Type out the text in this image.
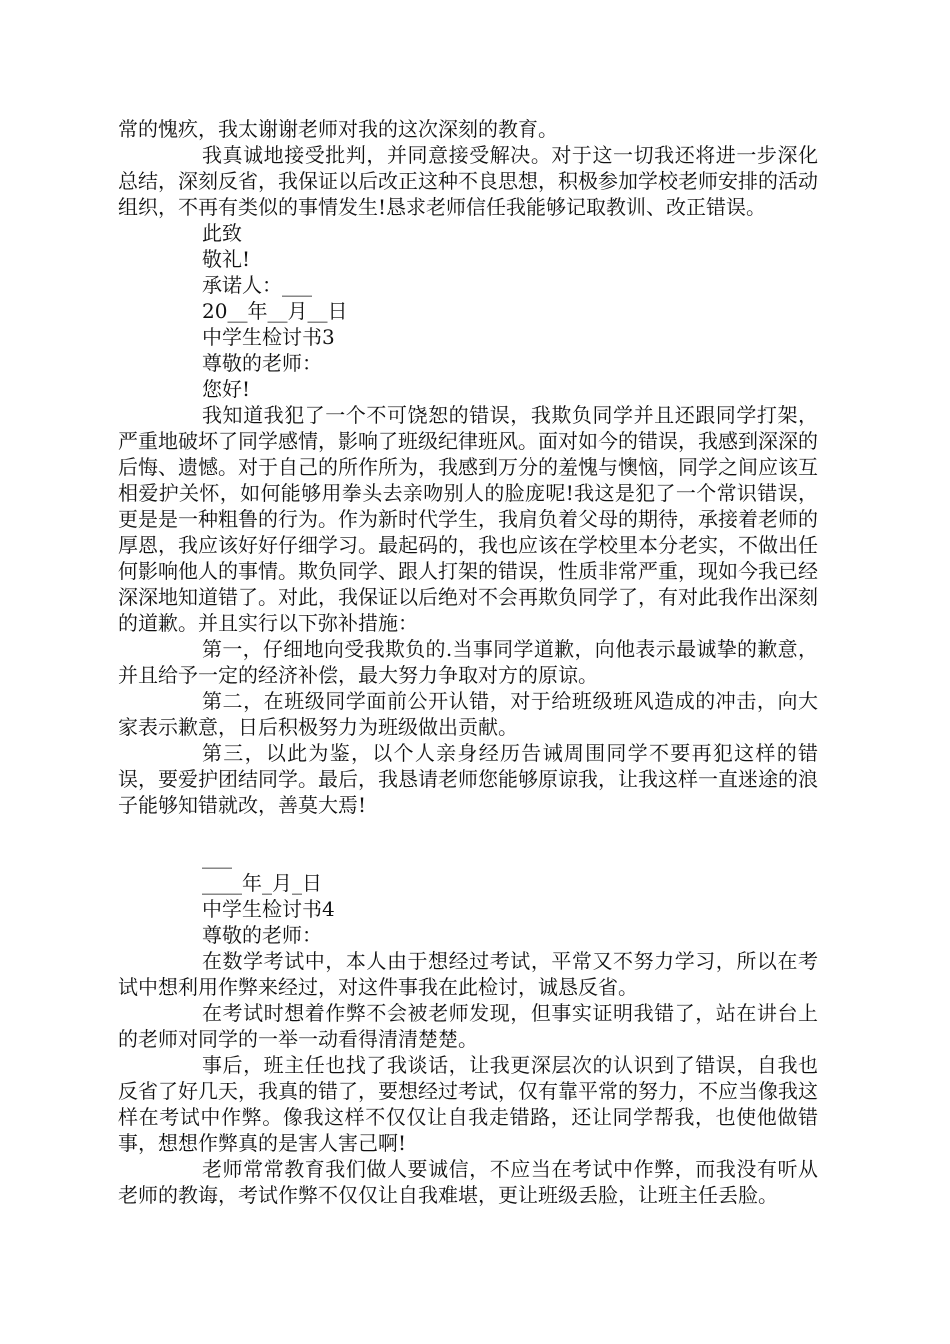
常的愧疚，我太谢谢老师对我的这次深刻的教育。

我真诚地接受批判，并同意接受解决。对于这一切我还将进一步深化总结，深刻反省，我保证以后改正这种不良思想，积极参加学校老师安排的活动组织，不再有类似的事情发生!恳求老师信任我能够记取教训、改正错误。

此致
敬礼!
承诺人：___
20__年__月__日
中学生检讨书3
尊敬的老师：
您好!

我知道我犯了一个不可饶恕的错误，我欺负同学并且还跟同学打架，严重地破坏了同学感情，影响了班级纪律班风。面对如今的错误，我感到深深的后悔、遗憾。对于自己的所作所为，我感到万分的羞愧与懊恼，同学之间应该互相爱护关怀，如何能够用拳头去亲吻别人的脸庞呢!我这是犯了一个常识错误，更是是一种粗鲁的行为。作为新时代学生，我肩负着父母的期待，承接着老师的厚恩，我应该好好仔细学习。最起码的，我也应该在学校里本分老实，不做出任何影响他人的事情。欺负同学、跟人打架的错误，性质非常严重，现如今我已经深深地知道错了。对此，我保证以后绝对不会再欺负同学了，有对此我作出深刻的道歉。并且实行以下弥补措施：

第一，仔细地向受我欺负的.当事同学道歉，向他表示最诚挚的歉意，并且给予一定的经济补偿，最大努力争取对方的原谅。

第二，在班级同学面前公开认错，对于给班级班风造成的冲击，向大家表示歉意，日后积极努力为班级做出贡献。

第三，以此为鉴，以个人亲身经历告诫周围同学不要再犯这样的错误，要爱护团结同学。最后，我恳请老师您能够原谅我，让我这样一直迷途的浪子能够知错就改，善莫大焉!

___
____年_月_日
中学生检讨书4
尊敬的老师：

在数学考试中，本人由于想经过考试，平常又不努力学习，所以在考试中想利用作弊来经过，对这件事我在此检讨，诚恳反省。

在考试时想着作弊不会被老师发现，但事实证明我错了，站在讲台上的老师对同学的一举一动看得清清楚楚。

事后，班主任也找了我谈话，让我更深层次的认识到了错误，自我也反省了好几天，我真的错了，要想经过考试，仅有靠平常的努力，不应当像我这样在考试中作弊。像我这样不仅仅让自我走错路，还让同学帮我，也使他做错事，想想作弊真的是害人害己啊!

老师常常教育我们做人要诚信，不应当在考试中作弊，而我没有听从老师的教诲，考试作弊不仅仅让自我难堪，更让班级丢脸，让班主任丢脸。
